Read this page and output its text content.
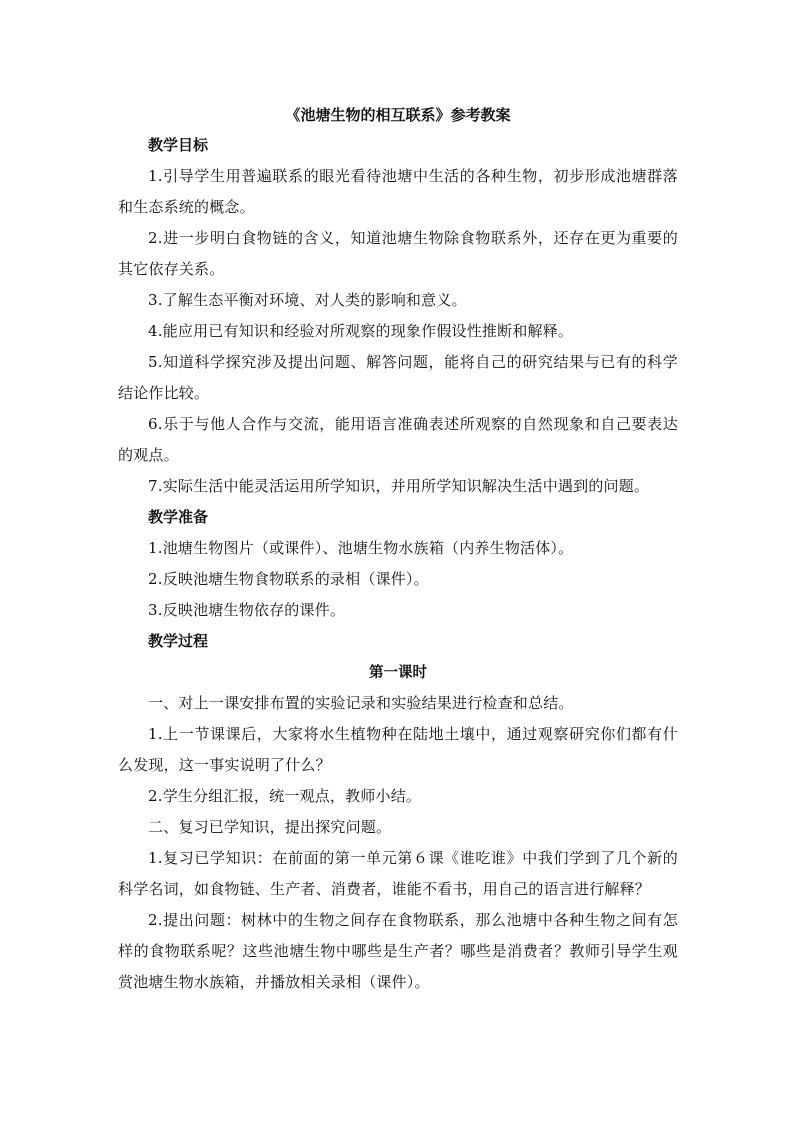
《池塘生物的相互联系》参考教案
教学目标

1.引导学生用普遍联系的眼光看待池塘中生活的各种生物，初步形成池塘群落和生态系统的概念。

2.进一步明白食物链的含义，知道池塘生物除食物联系外，还存在更为重要的其它依存关系。

3.了解生态平衡对环境、对人类的影响和意义。

4.能应用已有知识和经验对所观察的现象作假设性推断和解释。

5.知道科学探究涉及提出问题、解答问题，能将自己的研究结果与已有的科学结论作比较。

6.乐于与他人合作与交流，能用语言准确表述所观察的自然现象和自己要表达的观点。

7.实际生活中能灵活运用所学知识，并用所学知识解决生活中遇到的问题。

教学准备

1.池塘生物图片（或课件）、池塘生物水族箱（内养生物活体）。

2.反映池塘生物食物联系的录相（课件）。

3.反映池塘生物依存的课件。

教学过程
第一课时

一、对上一课安排布置的实验记录和实验结果进行检查和总结。

1.上一节课课后，大家将水生植物种在陆地土壤中，通过观察研究你们都有什么发现，这一事实说明了什么？

2.学生分组汇报，统一观点，教师小结。

二、复习已学知识，提出探究问题。

1.复习已学知识：在前面的第一单元第６课《谁吃谁》中我们学到了几个新的科学名词，如食物链、生产者、消费者，谁能不看书，用自己的语言进行解释？

2.提出问题：树林中的生物之间存在食物联系，那么池塘中各种生物之间有怎样的食物联系呢？这些池塘生物中哪些是生产者？哪些是消费者？教师引导学生观赏池塘生物水族箱，并播放相关录相（课件）。
